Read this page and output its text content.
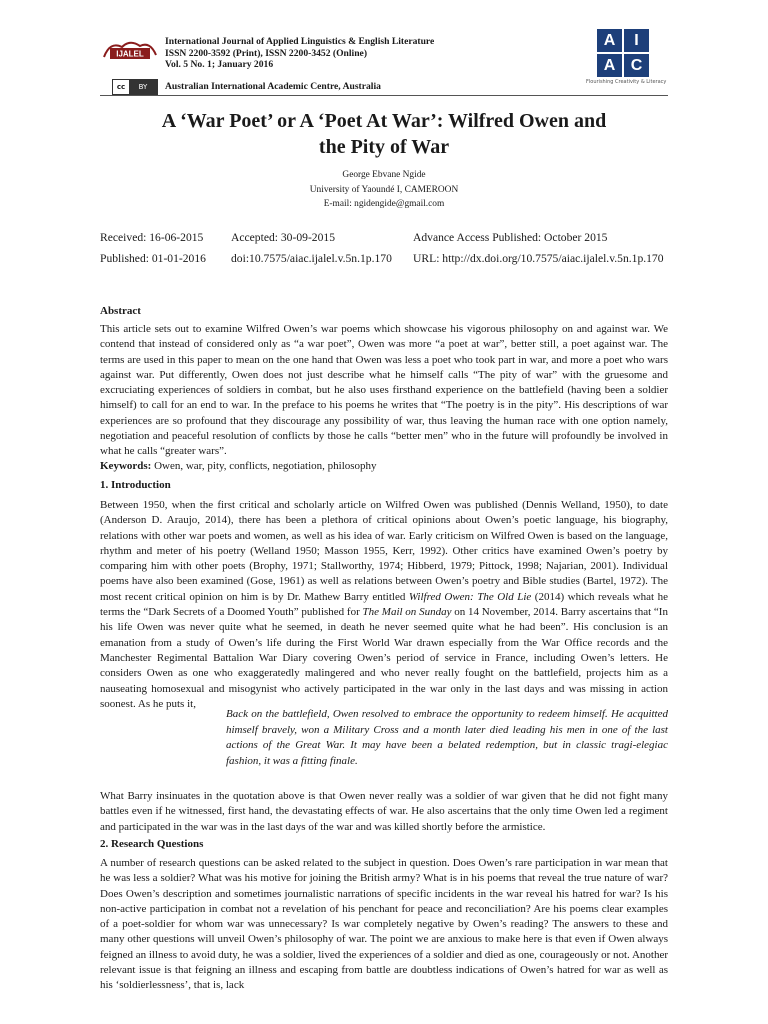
IJALEL
International Journal of Applied Linguistics & English Literature
ISSN 2200-3592 (Print), ISSN 2200-3452 (Online)
Vol. 5 No. 1; January 2016
cc	BY	Australian International Academic Centre, Australia
A	I
A C
Flourishing Creativity & Literacy
A ‘War Poet’ or A ‘Poet At War’: Wilfred Owen and
the Pity of War
George Ebvane Ngide
University of Yaoundé I, CAMEROON
E-mail: ngidengide@gmail.com
Received: 16-06-2015 Accepted: 30-09-2015	Advance Access Published: October 2015
Published: 01-01-2016 doi:10.7575/aiac.ijalel.v.5n.1p.170 URL: http://dx.doi.org/10.7575/aiac.ijalel.v.5n.1p.170
Abstract
This article sets out to examine Wilfred Owen’s war poems which showcase his vigorous philosophy on and against war. We contend that instead of considered only as “a war poet”, Owen was more “a poet at war”, better still, a poet against war. The terms are used in this paper to mean on the one hand that Owen was less a poet who took part in war, and more a poet who wars against war. Put differently, Owen does not just describe what he himself calls “The pity of war” with the gruesome and excruciating experiences of soldiers in combat, but he also uses firsthand experience on the battlefield (having been a soldier himself) to call for an end to war. In the preface to his poems he writes that “The poetry is in the pity”. His descriptions of war experiences are so profound that they discourage any possibility of war, thus leaving the human race with one option namely, negotiation and peaceful resolution of conflicts by those he calls “better men” who in the future will profoundly be involved in what he calls “greater wars”.
Keywords: Owen, war, pity, conflicts, negotiation, philosophy
1. Introduction
Between 1950, when the first critical and scholarly article on Wilfred Owen was published (Dennis Welland, 1950), to date (Anderson D. Araujo, 2014), there has been a plethora of critical opinions about Owen’s poetic language, his biography, relations with other war poets and women, as well as his idea of war. Early criticism on Wilfred Owen is based on the language, rhythm and meter of his poetry (Welland 1950; Masson 1955, Kerr, 1992). Other critics have examined Owen’s poetry by comparing him with other poets (Brophy, 1971; Stallworthy, 1974; Hibberd, 1979; Pittock, 1998; Najarian, 2001). Individual poems have also been examined (Gose, 1961) as well as relations between Owen’s poetry and Bible studies (Bartel, 1972). The most recent critical opinion on him is by Dr. Mathew Barry entitled Wilfred Owen: The Old Lie (2014) which reveals what he terms the “Dark Secrets of a Doomed Youth” published for The Mail on Sunday on 14 November, 2014. Barry ascertains that “In his life Owen was never quite what he seemed, in death he never seemed quite what he had been”. His conclusion is an emanation from a study of Owen’s life during the First World War drawn especially from the War Office records and the Manchester Regimental Battalion War Diary covering Owen’s period of service in France, including Owen’s letters. He considers Owen as one who exaggeratedly malingered and who never really fought on the battlefield, projects him as a nauseating homosexual and misogynist who actively participated in the war only in the last days and was missing in action soonest. As he puts it,
Back on the battlefield, Owen resolved to embrace the opportunity to redeem himself. He acquitted himself bravely, won a Military Cross and a month later died leading his men in one of the last actions of the Great War. It may have been a belated redemption, but in classic tragi-elegiac fashion, it was a fitting finale.
What Barry insinuates in the quotation above is that Owen never really was a soldier of war given that he did not fight many battles even if he witnessed, first hand, the devastating effects of war. He also ascertains that the only time Owen led a regiment and participated in the war was in the last days of the war and was killed shortly before the armistice.
2. Research Questions
A number of research questions can be asked related to the subject in question. Does Owen’s rare participation in war mean that he was less a soldier? What was his motive for joining the British army? What is in his poems that reveal the true nature of war? Does Owen’s description and sometimes journalistic narrations of specific incidents in the war reveal his hatred for war? Is his non-active participation in combat not a revelation of his penchant for peace and reconciliation? Are his poems clear examples of a poet-soldier for whom war was unnecessary? Is war completely negative by Owen’s reading? The answers to these and many other questions will unveil Owen’s philosophy of war. The point we are anxious to make here is that even if Owen always feigned an illness to avoid duty, he was a soldier, lived the experiences of a soldier and died as one, courageously or not. Another relevant issue is that feigning an illness and escaping from battle are doubtless indications of Owen’s hatred for war as well as his ‘soldierlessness’, that is, lack
